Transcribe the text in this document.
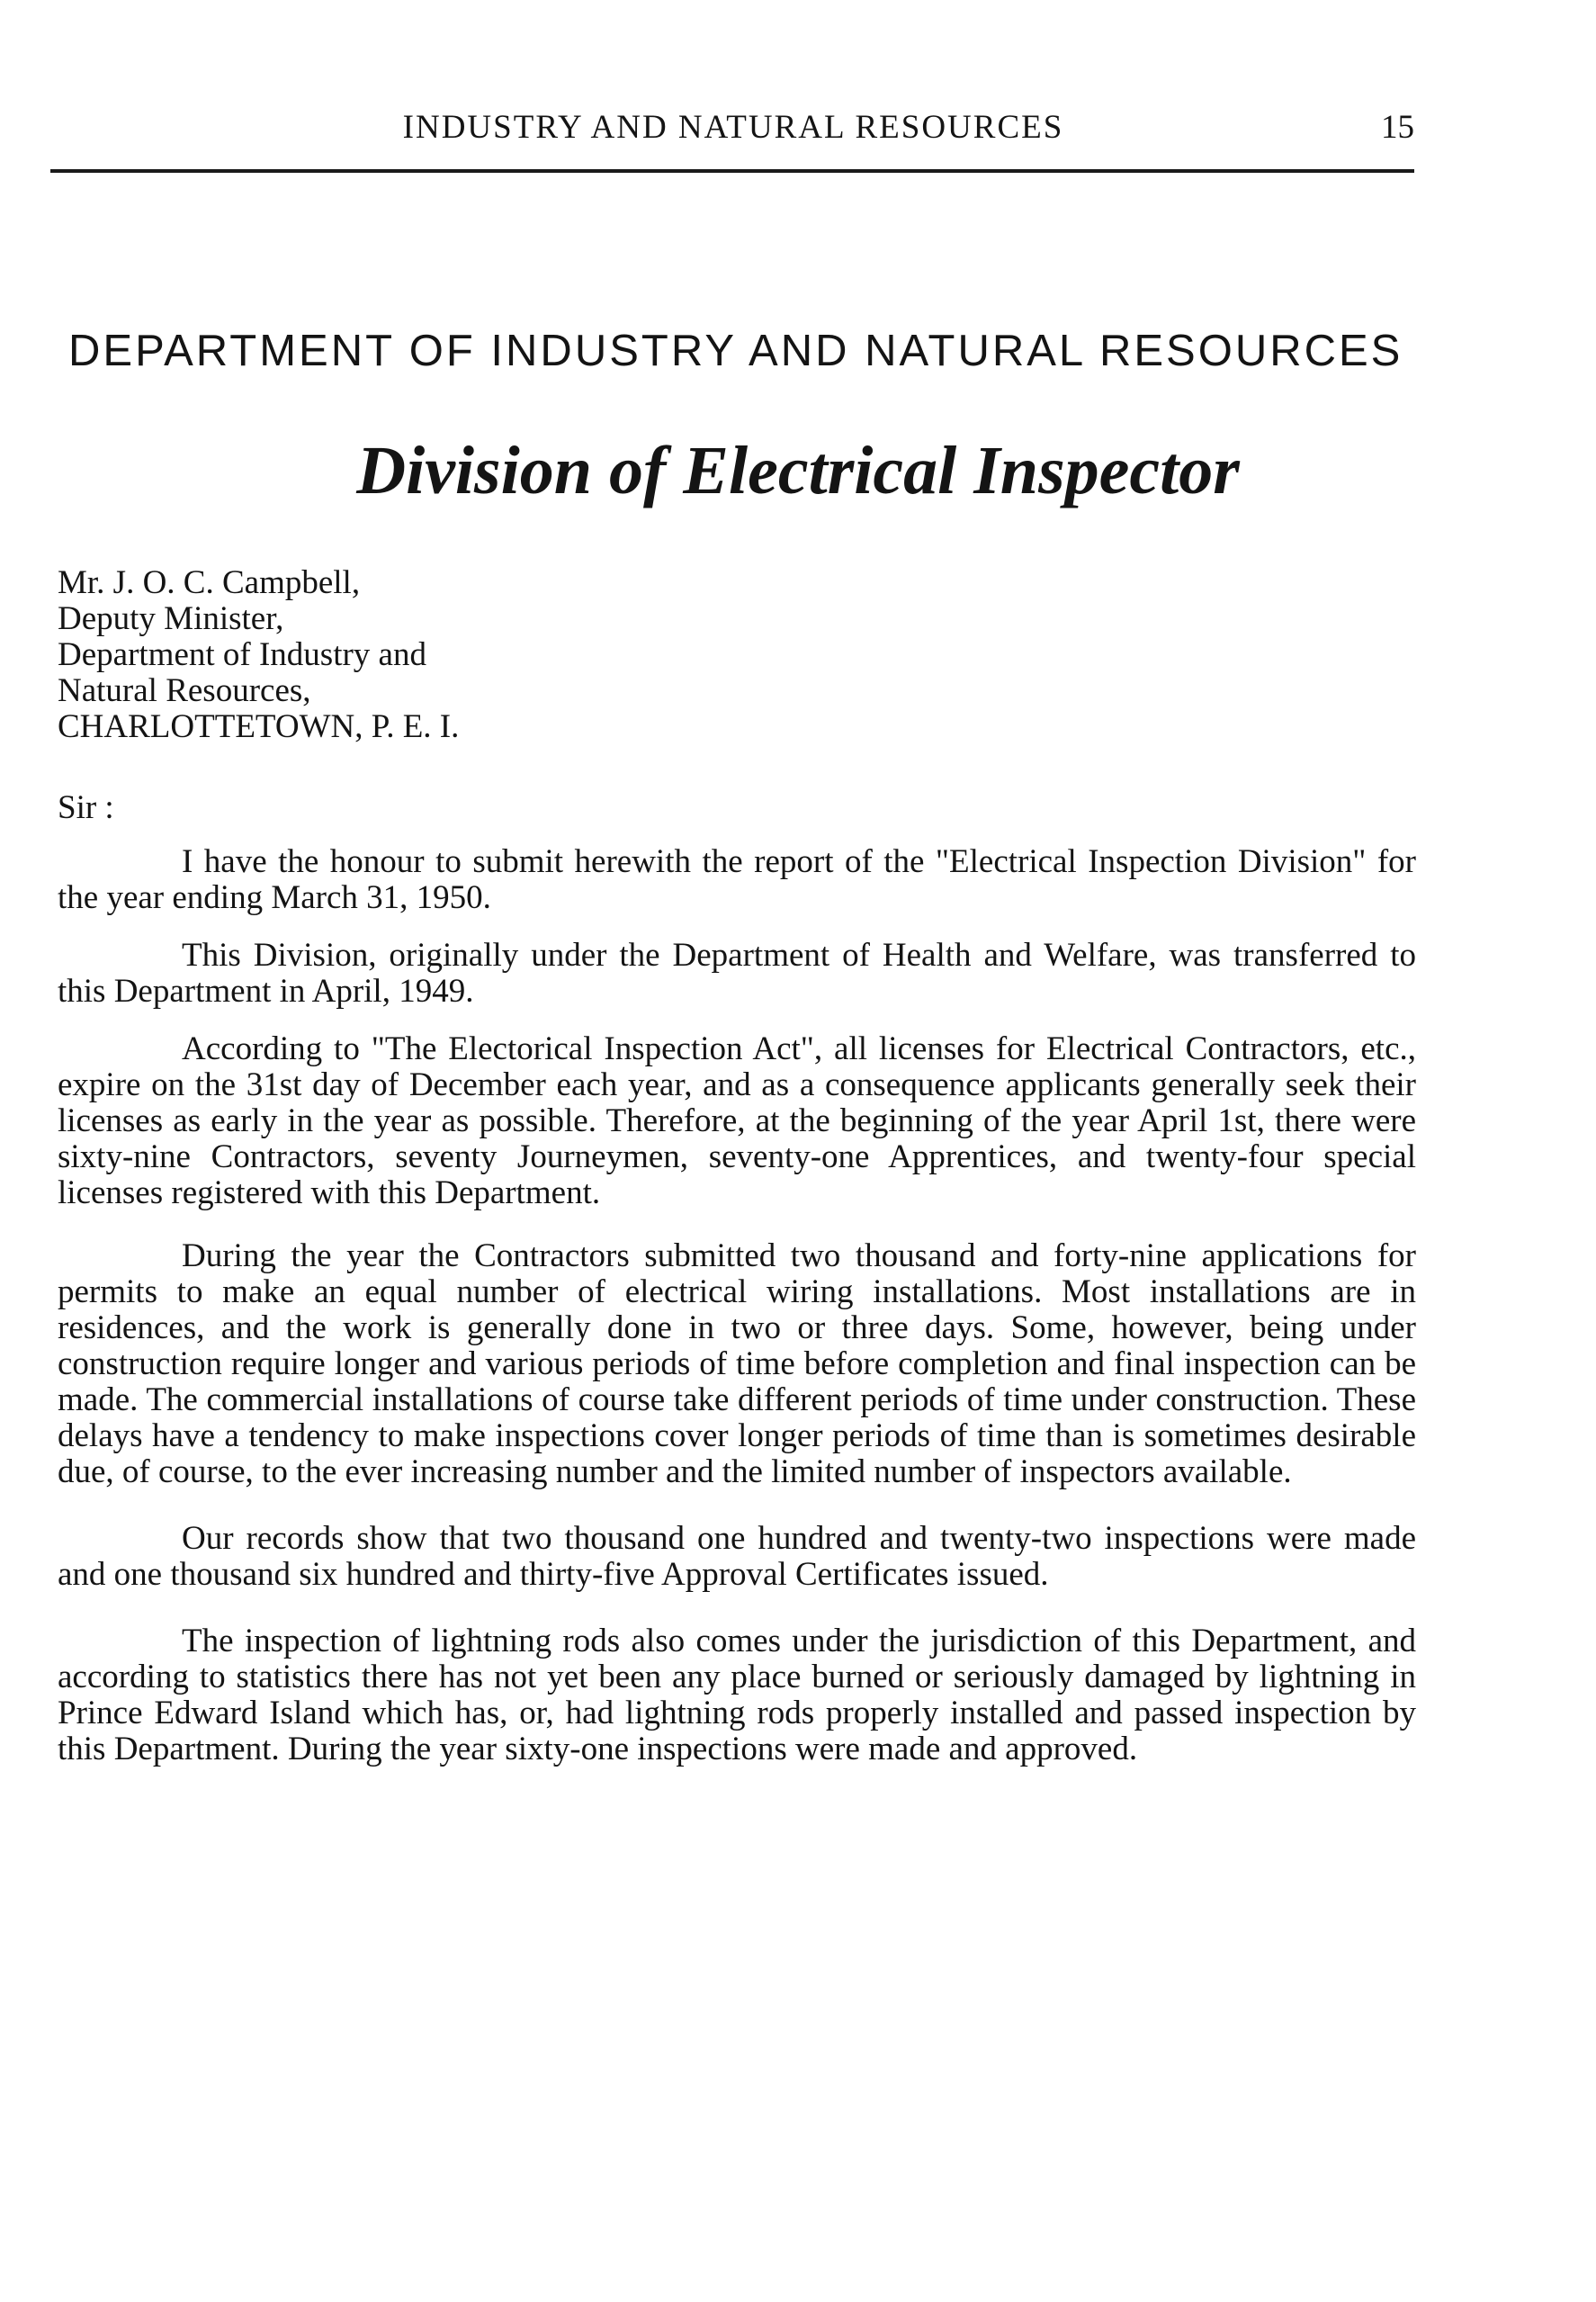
INDUSTRY AND NATURAL RESOURCES	15
DEPARTMENT OF INDUSTRY AND NATURAL RESOURCES
Division of Electrical Inspector
Mr. J. O. C. Campbell,
Deputy Minister,
Department of Industry and
Natural Resources,
CHARLOTTETOWN, P. E. I.
Sir :

I have the honour to submit herewith the report of the "Electrical Inspection Division" for the year ending March 31, 1950.

This Division, originally under the Department of Health and Welfare, was transferred to this Department in April, 1949.

According to "The Electorical Inspection Act", all licenses for Electrical Contractors, etc., expire on the 31st day of December each year, and as a consequence applicants generally seek their licenses as early in the year as possible. Therefore, at the beginning of the year April 1st, there were sixty-nine Contractors, seventy Journeymen, seventy-one Apprentices, and twenty-four special licenses registered with this Department.

During the year the Contractors submitted two thousand and forty-nine applications for permits to make an equal number of electrical wiring installations. Most installations are in residences, and the work is generally done in two or three days. Some, however, being under construction require longer and various periods of time before completion and final inspection can be made. The commercial installations of course take different periods of time under construction. These delays have a tendency to make inspections cover longer periods of time than is sometimes desirable due, of course, to the ever increasing number and the limited number of inspectors available.

Our records show that two thousand one hundred and twenty-two inspections were made and one thousand six hundred and thirty-five Approval Certificates issued.

The inspection of lightning rods also comes under the jurisdiction of this Department, and according to statistics there has not yet been any place burned or seriously damaged by lightning in Prince Edward Island which has, or, had lightning rods properly installed and passed inspection by this Department. During the year sixty-one inspections were made and approved.
